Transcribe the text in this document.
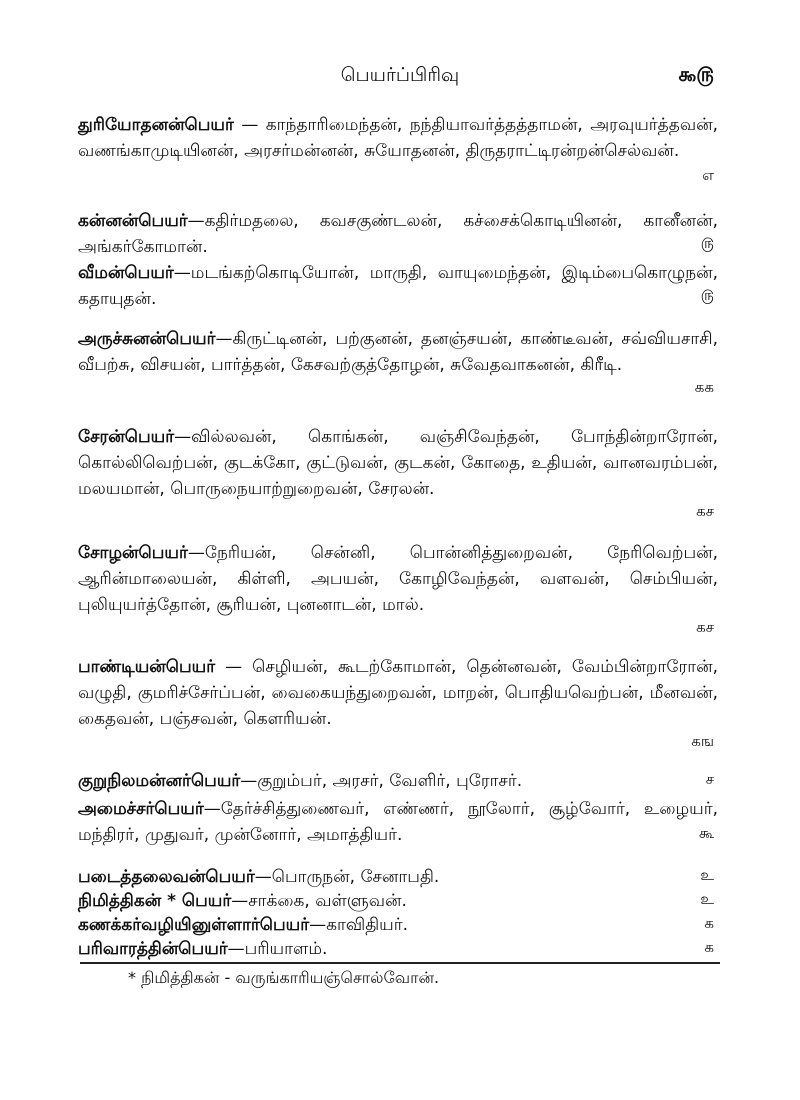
பெயர்ப்பிரிவு	௯௫
துரியோதனன்பெயர் — காந்தாரிமைந்தன், நந்தியாவர்த்தத்தாமன், அரவுயர்த்தவன், வணங்காமுடியினன், அரசர்மன்னன், சுயோதனன், திருதராட்டிரன்றன்செல்வன்.
எ
கன்னன்பெயர்—கதிர்மதலை, கவசகுண்டலன், கச்சைக்கொடியினன், கானீனன், அங்கர்கோமான்.	௫
வீமன்பெயர்—மடங்கற்கொடியோன், மாருதி, வாயுமைந்தன், இடிம்பைகொழுநன், கதாயுதன்.	௫
அருச்சுனன்பெயர்—கிருட்டினன், பற்குனன், தனஞ்சயன், காண்டீவன், சவ்வியசாசி, வீபற்சு, விசயன், பார்த்தன், கேசவற்குத்தோழன், சுவேதவாகனன், கிரீடி.
கக
சேரன்பெயர்—வில்லவன், கொங்கன், வஞ்சிவேந்தன், போந்தின்றாரோன், கொல்லிவெற்பன், குடக்கோ, குட்டுவன், குடகன், கோதை, உதியன், வானவரம்பன், மலயமான், பொருநையாற்றுறைவன், சேரலன்.
கச
சோழன்பெயர்—நேரியன், சென்னி, பொன்னித்துறைவன், நேரிவெற்பன், ஆரின்மாலையன், கிள்ளி, அபயன், கோழிவேந்தன், வளவன், செம்பியன், புலியுயர்த்தோன், சூரியன், புனனாடன், மால்.
கச
பாண்டியன்பெயர் — செழியன், கூடற்கோமான், தென்னவன், வேம்பின்றாரோன், வழுதி, குமரிச்சேர்ப்பன், வைகையந்துறைவன், மாறன், பொதியவெற்பன், மீனவன், கைதவன், பஞ்சவன், கௌரியன்.
கங
குறுநிலமன்னர்பெயர்—குறும்பர், அரசர், வேளிர், புரோசர்.	ச
அமைச்சர்பெயர்—தேர்ச்சித்துணைவர், எண்ணர், நூலோர், சூழ்வோர், உழையர், மந்திரர், முதுவர், முன்னோர், அமாத்தியர்.	கூ
படைத்தலைவன்பெயர்—பொருநன், சேனாபதி.	உ
நிமித்திகன் * பெயர்—சாக்கை, வள்ளுவன்.	உ
கணக்கர்வழியினுள்ளார்பெயர்—காவிதியர்.	க
பரிவாரத்தின்பெயர்—பரியாளம்.	க
* நிமித்திகன் - வருங்காரியஞ்சொல்வோன்.
